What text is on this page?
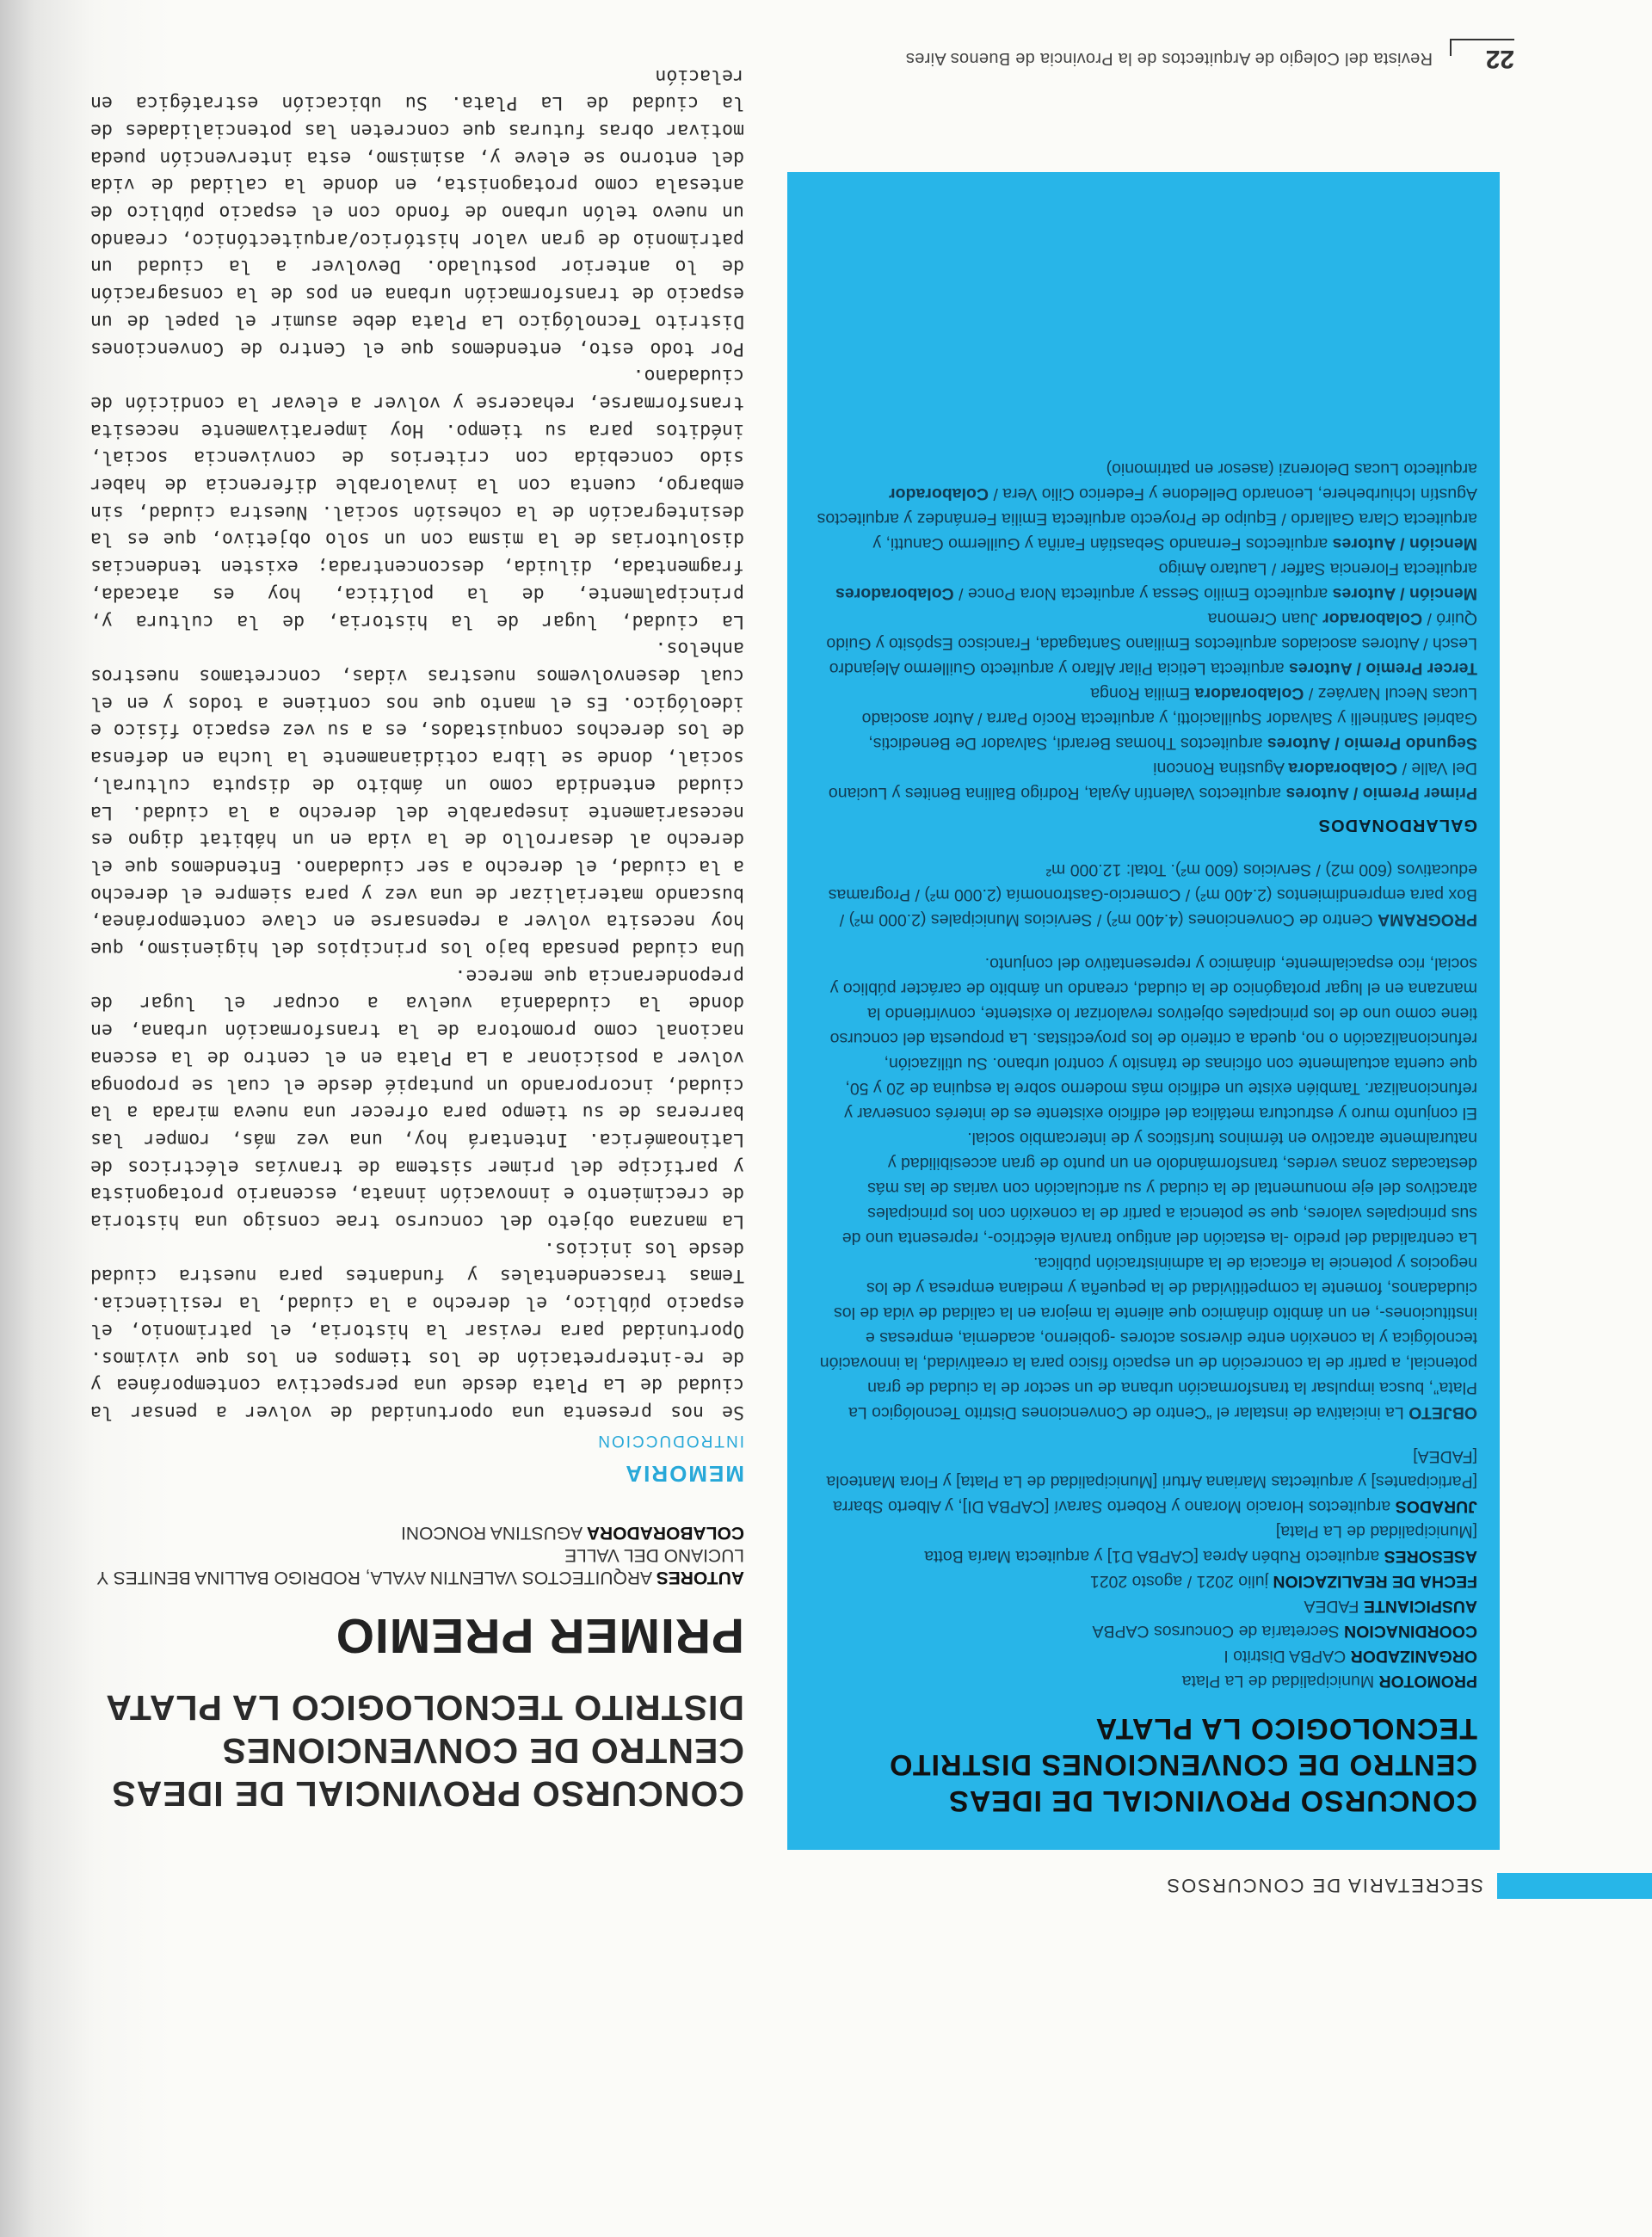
22
Revista del Colegio de Arquitectos de la Provincia de Buenos Aires
SECRETARIA DE CONCURSOS
CONCURSO PROVINCIAL DE IDEAS CENTRO DE CONVENCIONES DISTRITO TECNOLOGICO LA PLATA

PROMOTOR Municipalidad de La Plata

ORGANIZADOR CAPBA Distrito I

COORDINACION Secretaría de Concursos CAPBA

AUSPICIANTE FADEA

FECHA DE REALIZACION julio 2021 / agosto 2021

ASESORES arquitecto Rubén Aprea [CAPBA D1] y arquitecta María Botta [Municipalidad de La Plata]

JURADOS arquitectos Horacio Morano y Roberto Saraví [CAPBA DI], y Alberto Sbarra [Participantes] y arquitectas Mariana Arturi [Municipalidad de La Plata] y Flora Manteola [FADEA]

OBJETO La iniciativa de instalar el “Centro de Convenciones Distrito Tecnológico La Plata”, busca impulsar la transformación urbana de un sector de la ciudad de gran potencial, a partir de la concreción de un espacio físico para la creatividad, la innovación tecnológica y la conexión entre diversos actores -gobierno, academia, empresas e instituciones-, en un ámbito dinámico que aliente la mejora en la calidad de vida de los ciudadanos, fomente la competitividad de la pequeña y mediana empresa y de los negocios y potencie la eficacia de la administración pública.

La centralidad del predio -la estación del antiguo tranvía eléctrico-, representa uno de sus principales valores, que se potencia a partir de la conexión con los principales atractivos del eje monumental de la ciudad y su articulación con varias de las más destacadas zonas verdes, transformándolo en un punto de gran accesibilidad y naturalmente atractivo en términos turísticos y de intercambio social.

El conjunto muro y estructura metálica del edificio existente es de interés conservar y refuncionalizar. También existe un edificio más moderno sobre la esquina de 20 y 50, que cuenta actualmente con oficinas de tránsito y control urbano. Su utilización, refuncionalización o no, queda a criterio de los proyectistas. La propuesta del concurso tiene como uno de los principales objetivos revalorizar lo existente, convirtiendo la manzana en el lugar protagónico de la ciudad, creando un ámbito de carácter público y social, rico espacialmente, dinámico y representativo del conjunto.

PROGRAMA Centro de Convenciones (4.400 m²) / Servicios Municipales (2.000 m²) / Box para emprendimientos (2.400 m²) / Comercio-Gastronomía (2.000 m²) / Programas educativos (600 m2) / Servicios (600 m²). Total: 12.000 m²

GALARDONADOS

Primer Premio / Autores arquitectos Valentín Ayala, Rodrigo Ballina Benites y Luciano Del Valle / Colaboradora Agustina Ronconi

Segundo Premio / Autores arquitectos Thomas Berardi, Salvador De Benedictis, Gabriel Santinelli y Salvador Squillaciotti, y arquitecta Rocío Parra / Autor asociado Lucas Necul Narváez / Colaboradora Emilia Ronga

Tercer Premio / Autores arquitecta Leticia Pilar Alfaro y arquitecto Guillermo Alejandro Lesch / Autores asociados arquitectos Emiliano Santagada, Francisco Espósito y Guido Quiró / Colaborador Juan Cremona

Mención / Autores arquitecto Emilio Sessa y arquitecta Nora Ponce / Colaboradores arquitecta Florencia Saffer / Lautaro Amigo

Mención / Autores arquitectos Fernando Sebastián Fariña y Guillermo Canutti, y arquitecta Clara Gallardo / Equipo de Proyecto arquitecta Emilia Fernández y arquitectos Agustín Ichiurbehere, Leonardo Delledone y Federico Cilio Vera / Colaborador arquitecto Lucas Delorenzi (asesor en patrimonio)

CONCURSO PROVINCIAL DE IDEAS CENTRO DE CONVENCIONES DISTRITO TECNOLOGICO LA PLATA
PRIMER PREMIO

AUTORES ARQUITECTOS VALENTIN AYALA, RODRIGO BALLINA BENITES Y LUCIANO DEL VALLE

COLABORADORA AGUSTINA RONCONI

MEMORIA
INTRODUCCION

Se nos presenta una oportunidad de volver a pensar la ciudad de La Plata desde una perspectiva contemporánea y de re-interpretación de los tiempos en los que vivimos. Oportunidad para revisar la historia, el patrimonio, el espacio público, el derecho a la ciudad, la resiliencia. Temas trascendentales y fundantes para nuestra ciudad desde los inicios.

La manzana objeto del concurso trae consigo una historia de crecimiento e innovación innata, escenario protagonista y partícipe del primer sistema de tranvías eléctricos de Latinoamérica. Intentará hoy, una vez más, romper las barreras de su tiempo para ofrecer una nueva mirada a la ciudad, incorporando un puntapié desde el cual se proponga volver a posicionar a La Plata en el centro de la escena nacional como promotora de la transformación urbana, en donde la ciudadanía vuelva a ocupar el lugar de preponderancia que merece.

Una ciudad pensada bajo los principios del higienismo, que hoy necesita volver a repensarse en clave contemporánea, buscando materializar de una vez y para siempre el derecho a la ciudad, el derecho a ser ciudadano. Entendemos que el derecho al desarrollo de la vida en un hábitat digno es necesariamente inseparable del derecho a la ciudad. La ciudad entendida como un ámbito de disputa cultural, social, donde se libra cotidianamente la lucha en defensa de los derechos conquistados, es a su vez espacio físico e ideológico. Es el manto que nos contiene a todos y en el cual desenvolvemos nuestras vidas, concretamos nuestros anhelos.

La ciudad, lugar de la historia, de la cultura y, principalmente, de la política, hoy es atacada, fragmentada, diluida, desconcentrada; existen tendencias disolutorias de la misma con un solo objetivo, que es la desintegración de la cohesión social. Nuestra ciudad, sin embargo, cuenta con la invalorable diferencia de haber sido concebida con criterios de convivencia social, inéditos para su tiempo. Hoy imperativamente necesita transformarse, rehacerse y volver a elevar la condición de ciudadano.

Por todo esto, entendemos que el Centro de Convenciones Distrito Tecnológico La Plata debe asumir el papel de un espacio de transformación urbana en pos de la consagración de lo anterior postulado. Devolver a la ciudad un patrimonio de gran valor histórico/arquitectónico, creando un nuevo telón urbano de fondo con el espacio público de antesala como protagonista, en donde la calidad de vida del entorno se eleve y, asimismo, esta intervención pueda motivar obras futuras que concreten las potencialidades de la ciudad de La Plata. Su ubicación estratégica en relación
